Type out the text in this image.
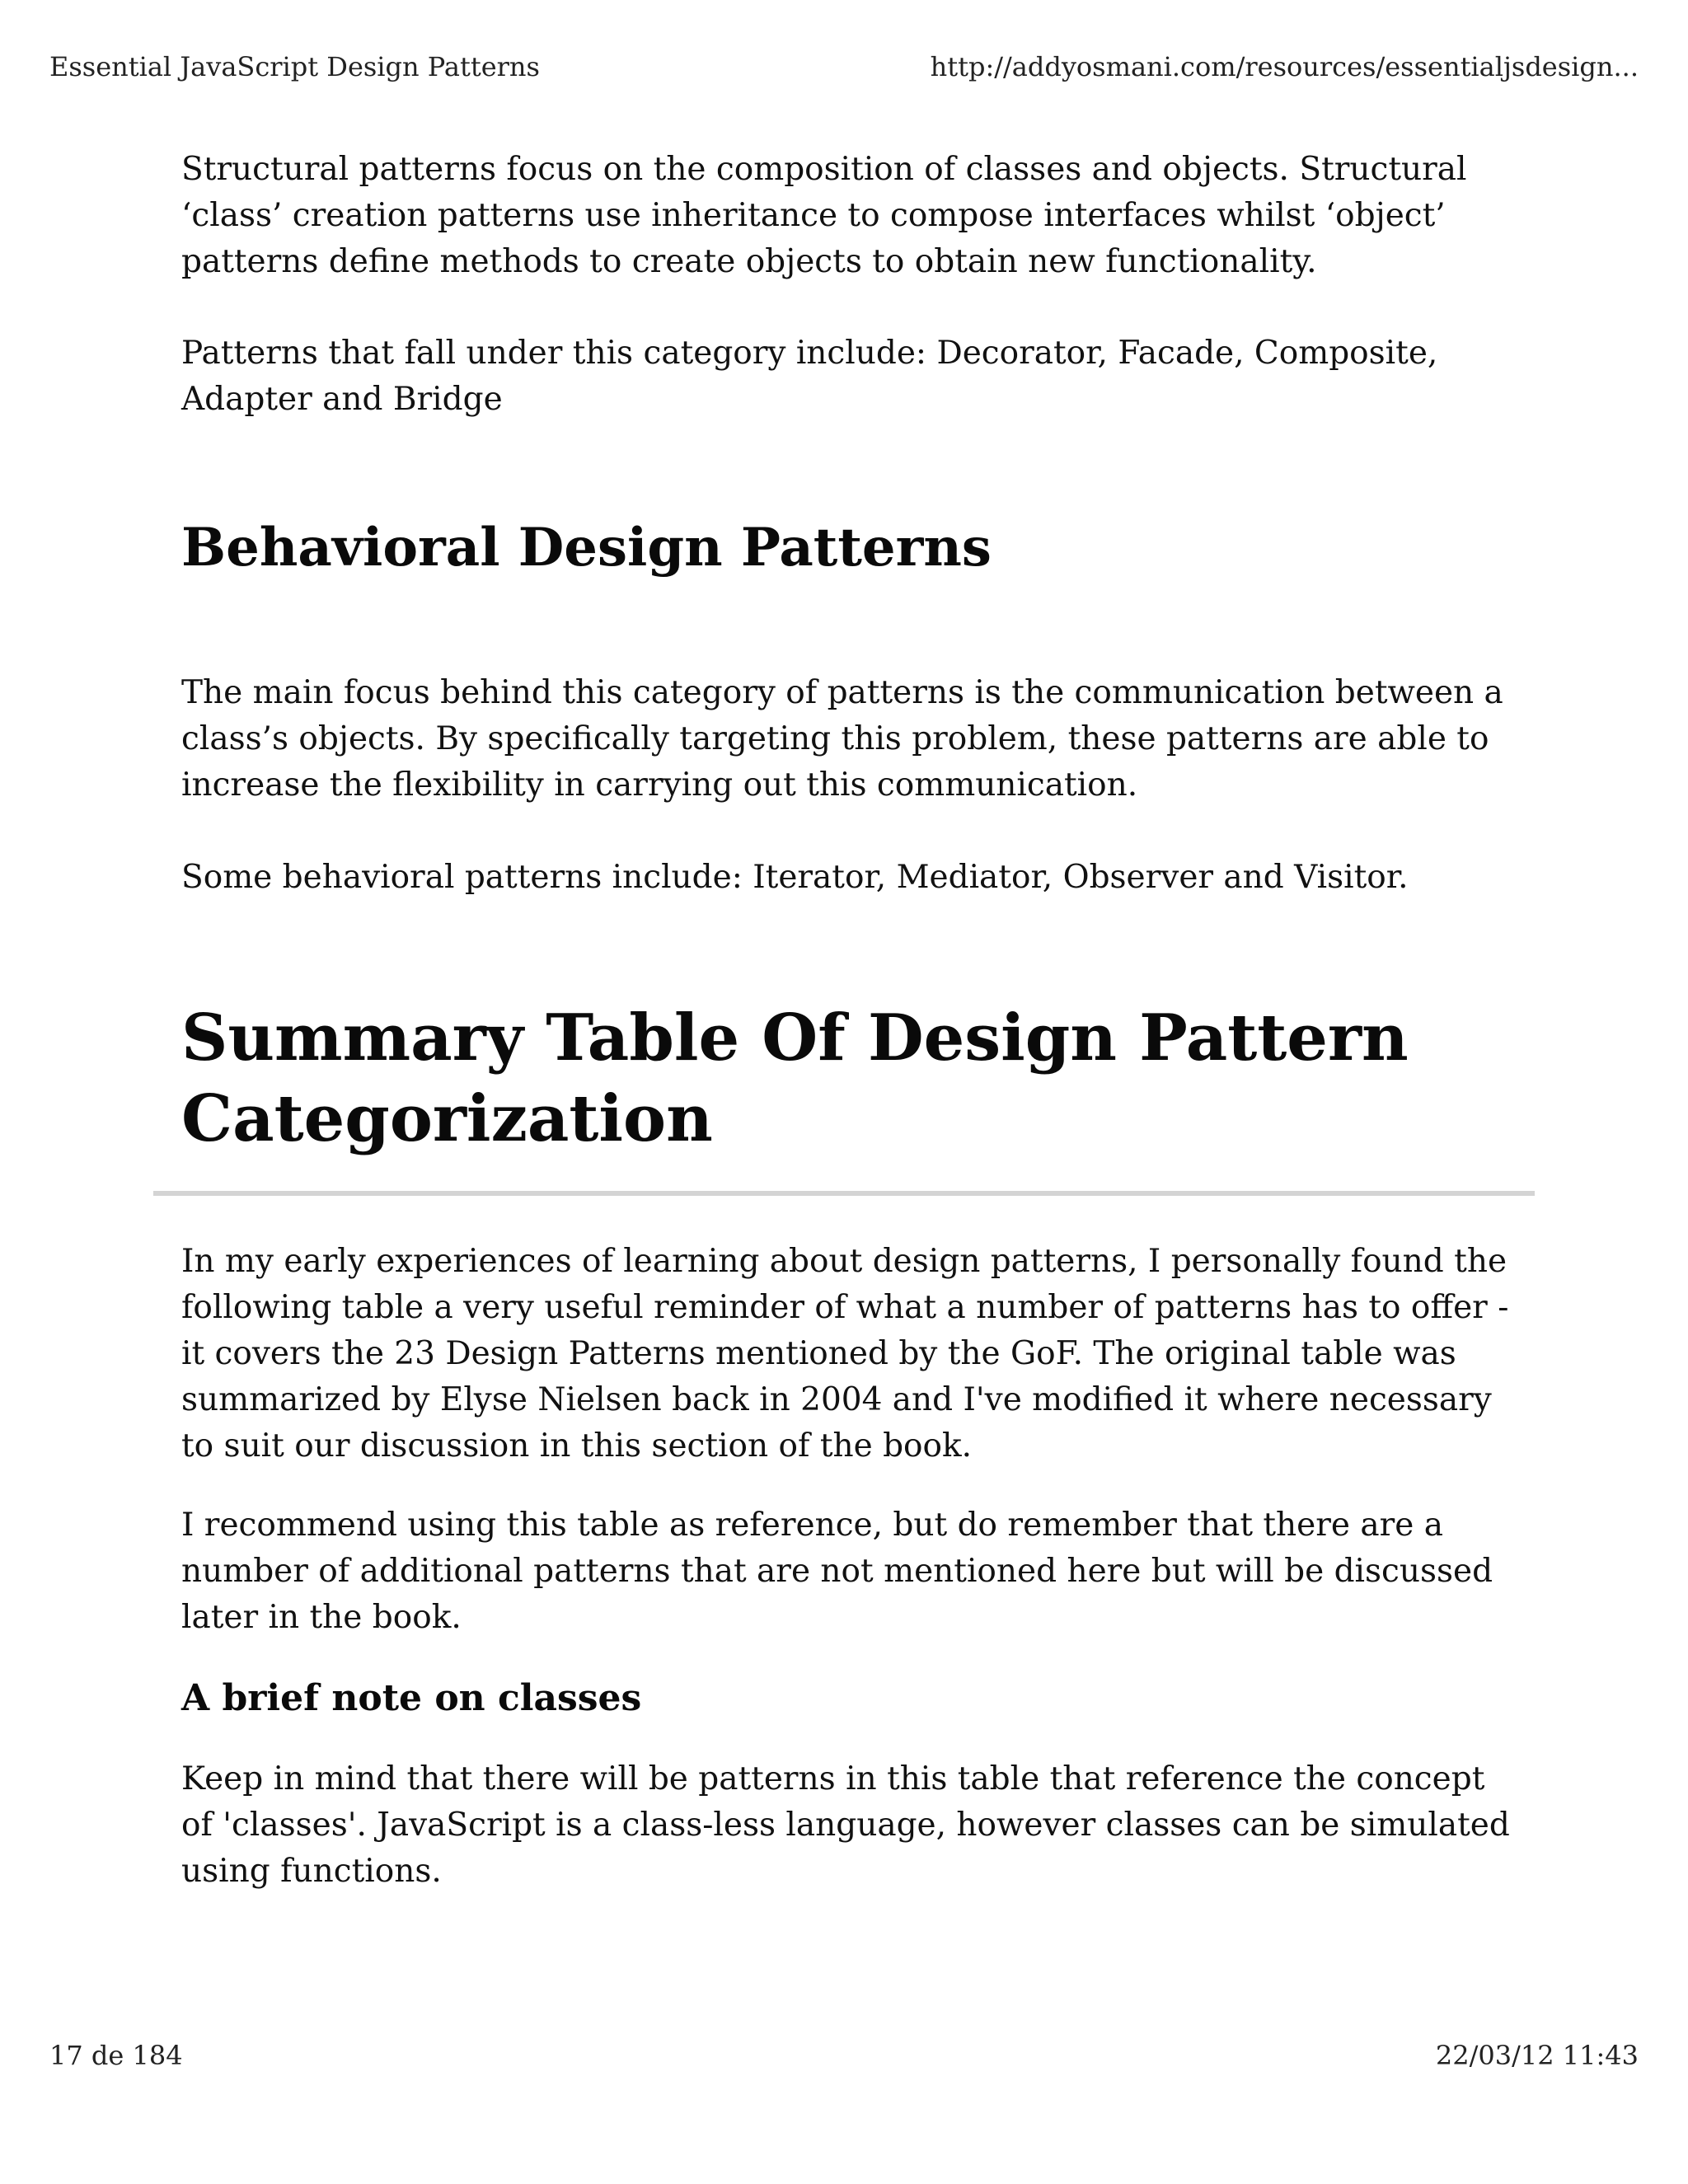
Essential JavaScript Design Patterns	http://addyosmani.com/resources/essentialjsdesign...

Structural patterns focus on the composition of classes and objects. Structural ‘class’ creation patterns use inheritance to compose interfaces whilst ‘object’ patterns define methods to create objects to obtain new functionality.

Patterns that fall under this category include: Decorator, Facade, Composite, Adapter and Bridge

Behavioral Design Patterns

The main focus behind this category of patterns is the communication between a class’s objects. By specifically targeting this problem, these patterns are able to increase the flexibility in carrying out this communication.

Some behavioral patterns include: Iterator, Mediator, Observer and Visitor.

Summary Table Of Design Pattern Categorization

In my early experiences of learning about design patterns, I personally found the following table a very useful reminder of what a number of patterns has to offer - it covers the 23 Design Patterns mentioned by the GoF. The original table was summarized by Elyse Nielsen back in 2004 and I've modified it where necessary to suit our discussion in this section of the book.

I recommend using this table as reference, but do remember that there are a number of additional patterns that are not mentioned here but will be discussed later in the book.

A brief note on classes

Keep in mind that there will be patterns in this table that reference the concept of 'classes'. JavaScript is a class-less language, however classes can be simulated using functions.

17 de 184	22/03/12 11:43
